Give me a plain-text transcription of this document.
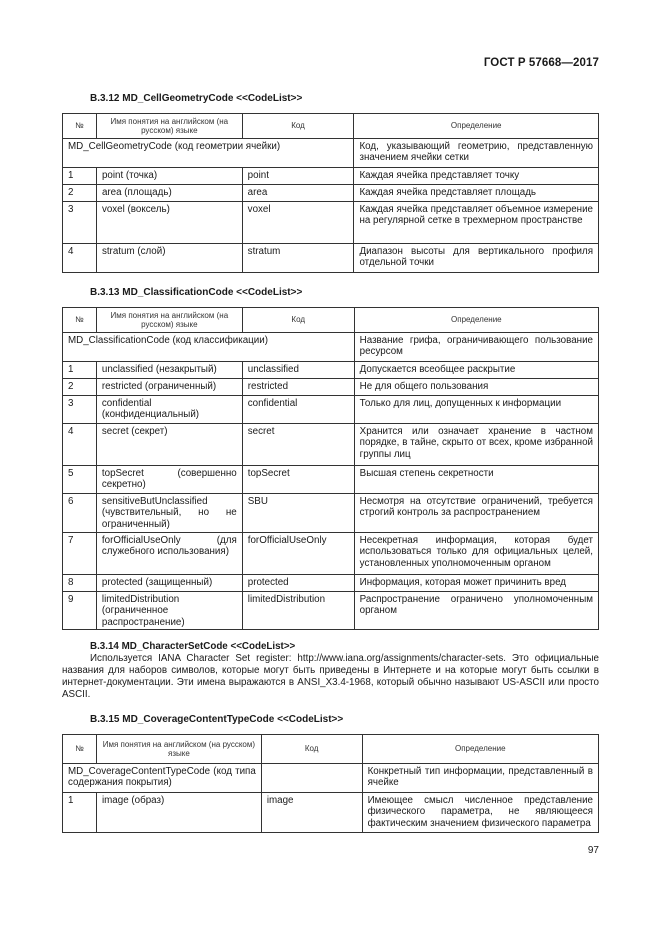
ГОСТ Р 57668—2017
B.3.12 MD_CellGeometryCode <<CodeList>>
№	Имя понятия на английском (на русском) языке	Код	Определение
MD_CellGeometryCode (код геометрии ячейки)			Код, указывающий геометрию, представленную значением ячейки сетки
1	point (точка)	point	Каждая ячейка представляет точку
2	area (площадь)	area	Каждая ячейка представляет площадь
3	voxel (воксель)	voxel	Каждая ячейка представляет объемное измерение на регулярной сетке в трехмерном пространстве
4	stratum (слой)	stratum	Диапазон высоты для вертикального профиля отдельной точки
B.3.13 MD_ClassificationCode <<CodeList>>
№	Имя понятия на английском (на русском) языке	Код	Определение
MD_ClassificationCode (код классификации)			Название грифа, ограничивающего пользование ресурсом
1	unclassified (незакрытый)	unclassified	Допускается всеобщее раскрытие
2	restricted (ограниченный)	restricted	Не для общего пользования
3	confidential (конфиденциальный)	confidential	Только для лиц, допущенных к информации
4	secret (секрет)	secret	Хранится или означает хранение в частном порядке, в тайне, скрыто от всех, кроме избранной группы лиц
5	topSecret (совершенно секретно)	topSecret	Высшая степень секретности
6	sensitiveButUnclassified (чувствительный, но не ограниченный)	SBU	Несмотря на отсутствие ограничений, требуется строгий контроль за распространением
7	forOfficialUseOnly (для служебного использования)	forOfficialUseOnly	Несекретная информация, которая будет использоваться только для официальных целей, установленных уполномоченным органом
8	protected (защищенный)	protected	Информация, которая может причинить вред
9	limitedDistribution (ограниченное распространение)	limitedDistribution	Распространение ограничено уполномоченным органом
B.3.14 MD_CharacterSetCode <<CodeList>>
Используется IANA Character Set register: http://www.iana.org/assignments/character-sets. Это официальные названия для наборов символов, которые могут быть приведены в Интернете и на которые могут быть ссылки в интернет-документации. Эти имена выражаются в ANSI_X3.4-1968, который обычно называют US-ASCII или просто ASCII.
B.3.15 MD_CoverageContentTypeCode <<CodeList>>
№	Имя понятия на английском (на русском) языке	Код	Определение
MD_CoverageContentTypeCode (код типа содержания покрытия)			Конкретный тип информации, представленный в ячейке
1	image (образ)	image	Имеющее смысл численное представление физического параметра, не являющееся фактическим значением физического параметра
97
